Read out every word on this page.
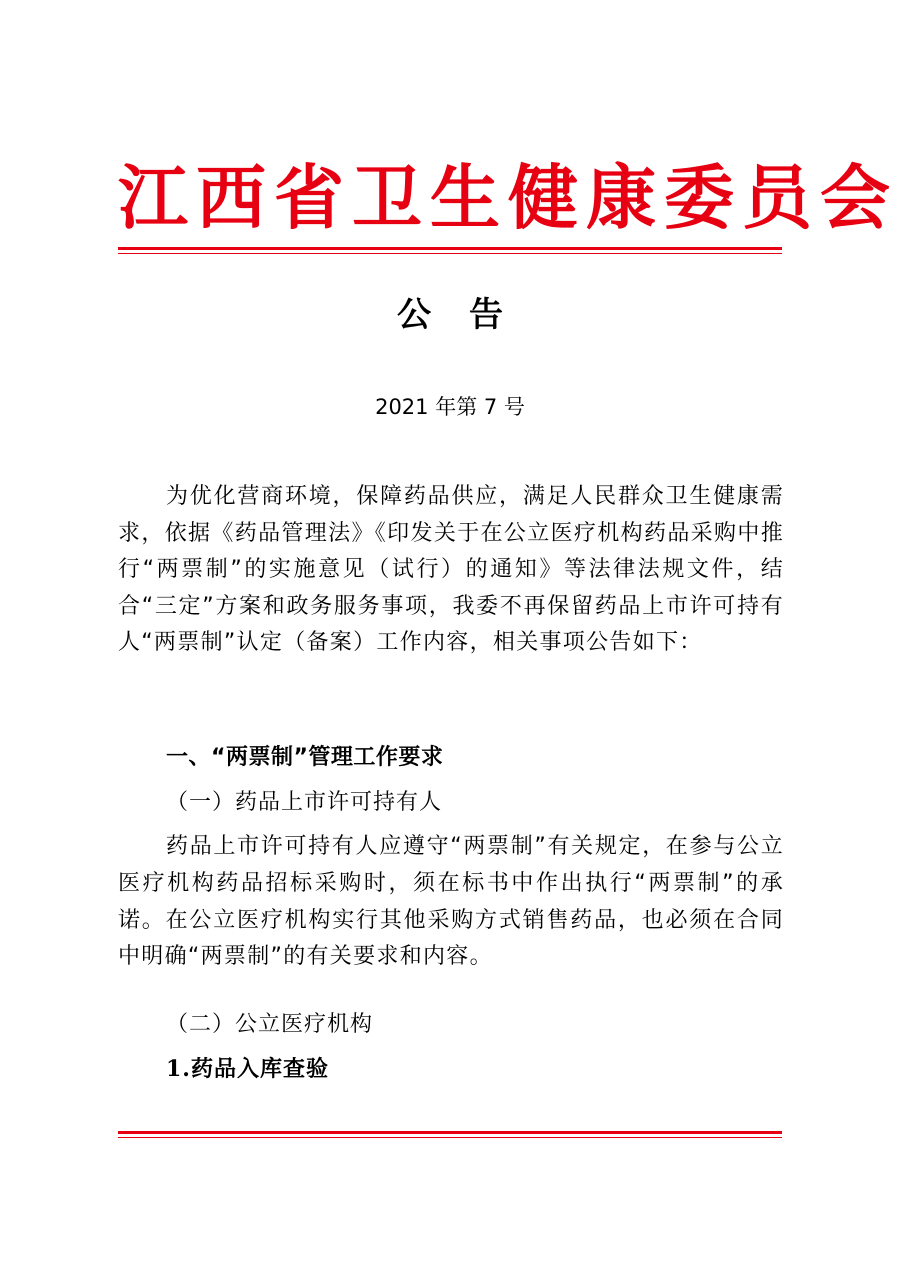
江西省卫生健康委员会
公告
2021 年第 7 号

为优化营商环境，保障药品供应，满足人民群众卫生健康需求，依据《药品管理法》《印发关于在公立医疗机构药品采购中推行“两票制”的实施意见（试行）的通知》等法律法规文件，结合“三定”方案和政务服务事项，我委不再保留药品上市许可持有人“两票制”认定（备案）工作内容，相关事项公告如下：

一、“两票制”管理工作要求
（一）药品上市许可持有人

药品上市许可持有人应遵守“两票制”有关规定，在参与公立医疗机构药品招标采购时，须在标书中作出执行“两票制”的承诺。在公立医疗机构实行其他采购方式销售药品，也必须在合同中明确“两票制”的有关要求和内容。

（二）公立医疗机构
1.药品入库查验
